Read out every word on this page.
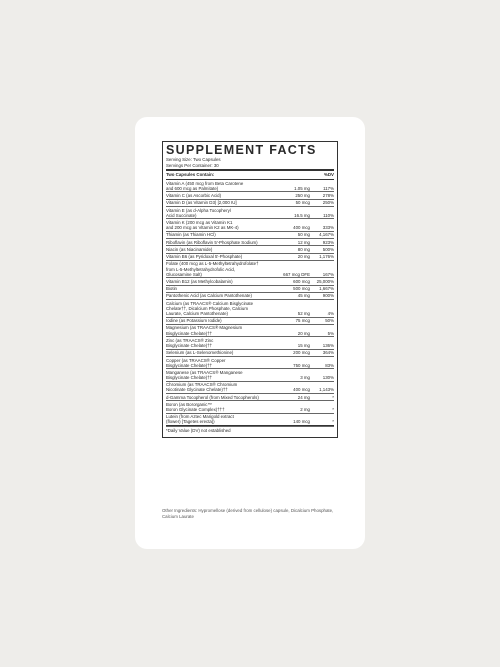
SUPPLEMENT FACTS
Serving Size: Two Capsules
Servings Per Container: 30
Two Capsules Contain:	%DV
Vitamin A (450 mcg from Beta Carotene
and 600 mcg as Palmitate)	1.05 mg	117%
Vitamin C (as Ascorbic Acid)	250 mg	278%
Vitamin D (as Vitamin D3) [2,000 IU]	50 mcg	250%
Vitamin E (as d-Alpha Tocopheryl
Acid Succinate)	16.5 mg	110%
Vitamin K (200 mcg as Vitamin K1
and 200 mcg as Vitamin K2 as MK-4)	400 mcg	333%
Thiamin (as Thiamin HCl)	50 mg	4,167%
Riboflavin (as Riboflavin 5'-Phosphate Sodium)	12 mg	923%
Niacin (as Niacinamide)	80 mg	500%
Vitamin B6 (as Pyridoxal 5'-Phosphate)	20 mg	1,176%
Folate (400 mcg as L-5-Methyltetrahydrofolate†
from L-5-Methyltetrahydrofolic Acid,
Glucosamine Salt)	667 mcg DFE	167%
Vitamin B12 (as Methylcobalamin)	600 mcg	25,000%
Biotin	500 mcg	1,667%
Pantothenic Acid (as Calcium Pantothenate)	45 mg	900%
Calcium (as TRAACS® Calcium Bisglycinate
Chelate††, Dicalcium Phosphate, Calcium
Laurate, Calcium Pantothenate)	52 mg	4%
Iodine (as Potassium Iodide)	75 mcg	50%
Magnesium (as TRAACS® Magnesium
Bisglycinate Chelate)††	20 mg	5%
Zinc (as TRAACS® Zinc
Bisglycinate Chelate)††	15 mg	136%
Selenium (as L-Selenomethionine)	200 mcg	364%
Copper (as TRAACS® Copper
Bisglycinate Chelate)††	750 mcg	83%
Manganese (as TRAACS® Manganese
Bisglycinate Chelate)††	3 mg	130%
Chromium (as TRAACS® Chromium
Nicotinate Glycinate Chelate)††	400 mcg	1,143%
d-Gamma Tocopherol (from Mixed Tocopherols)	24 mg	*
Boron (as Bororganic™
Boron Glycinate Complex)†††	2 mg	*
Lutein (from Aztec Marigold extract
(flower) [Tagetes erecta])	140 mcg	*
*Daily Value (DV) not established
Other Ingredients: Hypromellose (derived from cellulose) capsule, Dicalcium Phosphate, Calcium Laurate
